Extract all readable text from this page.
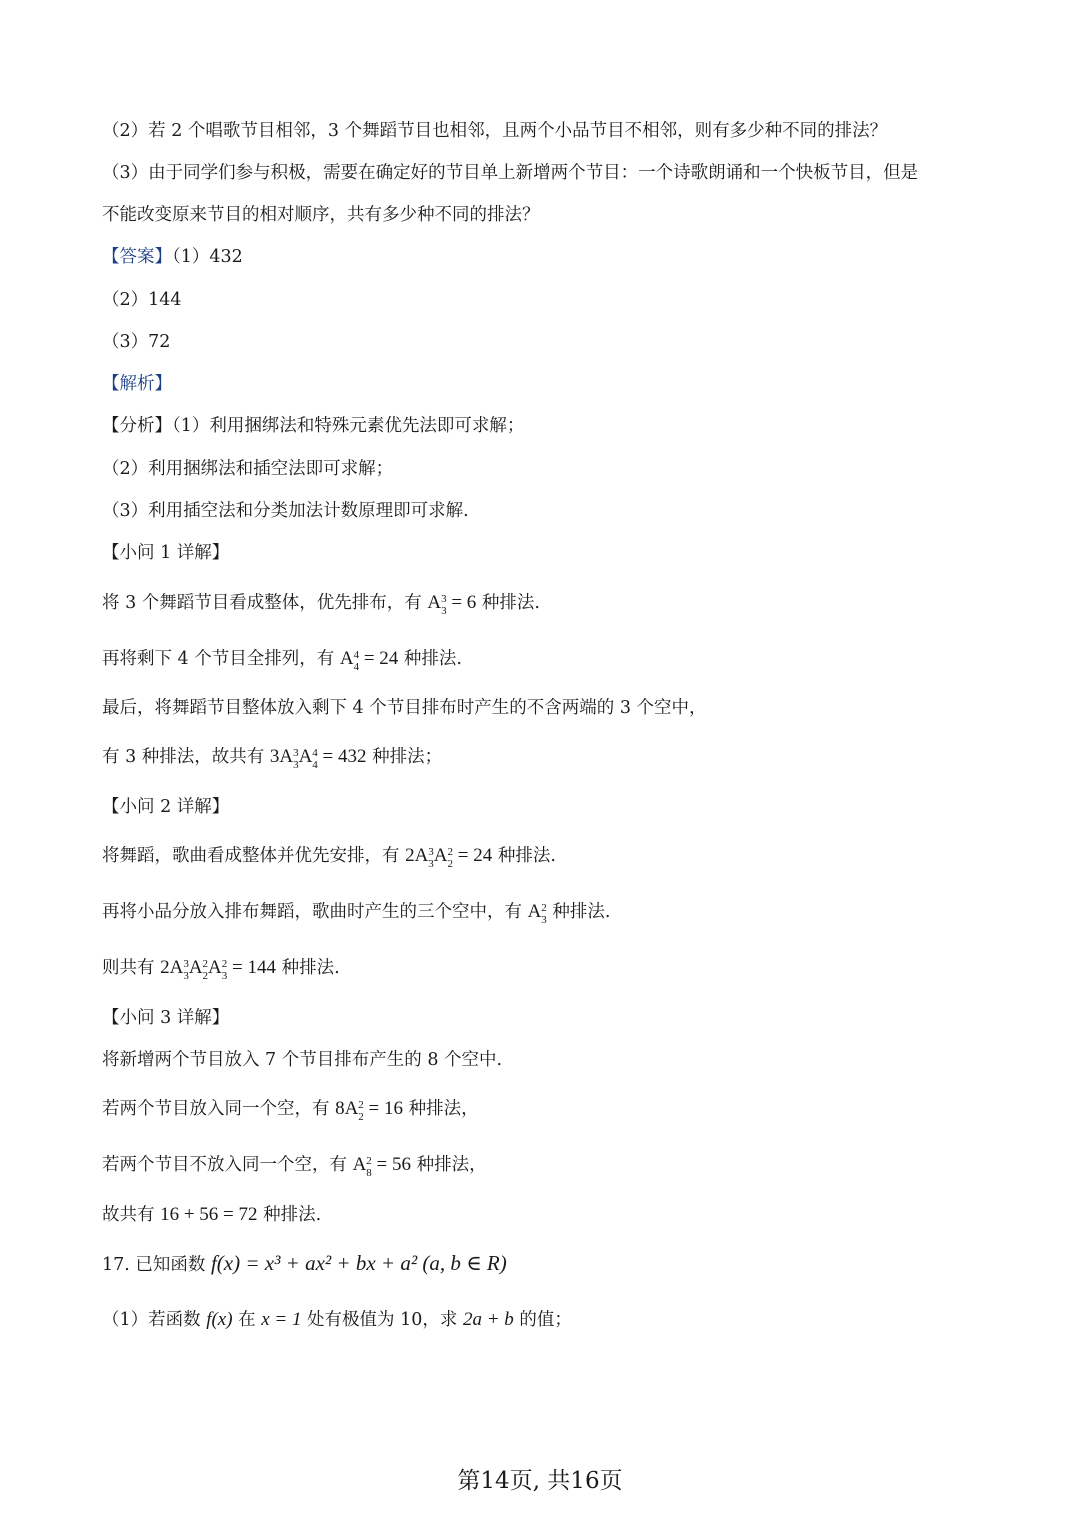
（2）若 2 个唱歌节目相邻，3 个舞蹈节目也相邻，且两个小品节目不相邻，则有多少种不同的排法？
（3）由于同学们参与积极，需要在确定好的节目单上新增两个节目：一个诗歌朗诵和一个快板节目，但是
不能改变原来节目的相对顺序，共有多少种不同的排法？
【答案】（1）432
（2）144
（3）72
【解析】
【分析】（1）利用捆绑法和特殊元素优先法即可求解；
（2）利用捆绑法和插空法即可求解；
（3）利用插空法和分类加法计数原理即可求解.
【小问 1 详解】
将 3 个舞蹈节目看成整体，优先排布，有 A 3
3 = 6 种排法.
再将剩下 4 个节目全排列，有 A 4
4 = 24 种排法.
最后，将舞蹈节目整体放入剩下 4 个节目排布时产生的不含两端的 3 个空中，
有 3 种排法，故共有 3A 3
3 A 4
4 = 432 种排法；
【小问 2 详解】
将舞蹈，歌曲看成整体并优先安排，有 2A 3
3 A 2
2 = 24 种排法.
再将小品分放入排布舞蹈，歌曲时产生的三个空中，有 A 2
3 种排法.
则共有 2A 3
3 A 2
2 A 2
3 = 144 种排法.
【小问 3 详解】
将新增两个节目放入 7 个节目排布产生的 8 个空中.
若两个节目放入同一个空，有 8A 2
2 = 16 种排法，
若两个节目不放入同一个空，有 A 2
8 = 56 种排法，
故共有 16 + 56 = 72 种排法.
17. 已知函数 f(x) = x³ + ax² + bx + a² (a, b ∈ R)
（1）若函数 f(x) 在 x = 1 处有极值为 10，求 2a + b 的值；
第14页, 共16页
